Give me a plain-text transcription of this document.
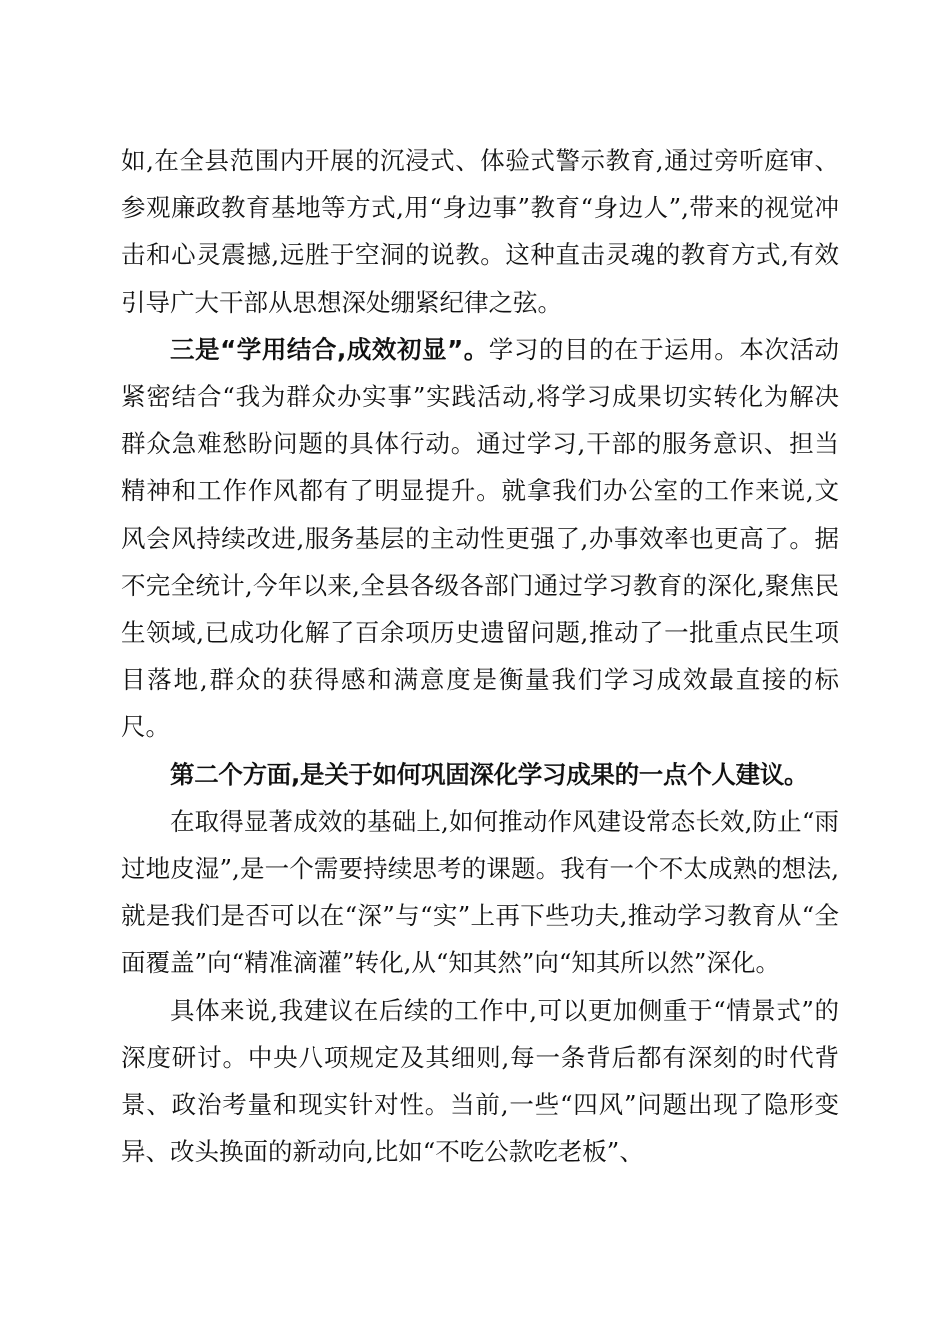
如,在全县范围内开展的沉浸式、体验式警示教育,通过旁听庭审、参观廉政教育基地等方式,用“身边事”教育“身边人”,带来的视觉冲击和心灵震撼,远胜于空洞的说教。这种直击灵魂的教育方式,有效引导广大干部从思想深处绷紧纪律之弦。

三是“学用结合,成效初显”。学习的目的在于运用。本次活动紧密结合“我为群众办实事”实践活动,将学习成果切实转化为解决群众急难愁盼问题的具体行动。通过学习,干部的服务意识、担当精神和工作作风都有了明显提升。就拿我们办公室的工作来说,文风会风持续改进,服务基层的主动性更强了,办事效率也更高了。据不完全统计,今年以来,全县各级各部门通过学习教育的深化,聚焦民生领域,已成功化解了百余项历史遗留问题,推动了一批重点民生项目落地,群众的获得感和满意度是衡量我们学习成效最直接的标尺。

第二个方面,是关于如何巩固深化学习成果的一点个人建议。

在取得显著成效的基础上,如何推动作风建设常态长效,防止“雨过地皮湿”,是一个需要持续思考的课题。我有一个不太成熟的想法,就是我们是否可以在“深”与“实”上再下些功夫,推动学习教育从“全面覆盖”向“精准滴灌”转化,从“知其然”向“知其所以然”深化。

具体来说,我建议在后续的工作中,可以更加侧重于“情景式”的深度研讨。中央八项规定及其细则,每一条背后都有深刻的时代背景、政治考量和现实针对性。当前,一些“四风”问题出现了隐形变异、改头换面的新动向,比如“不吃公款吃老板”、
